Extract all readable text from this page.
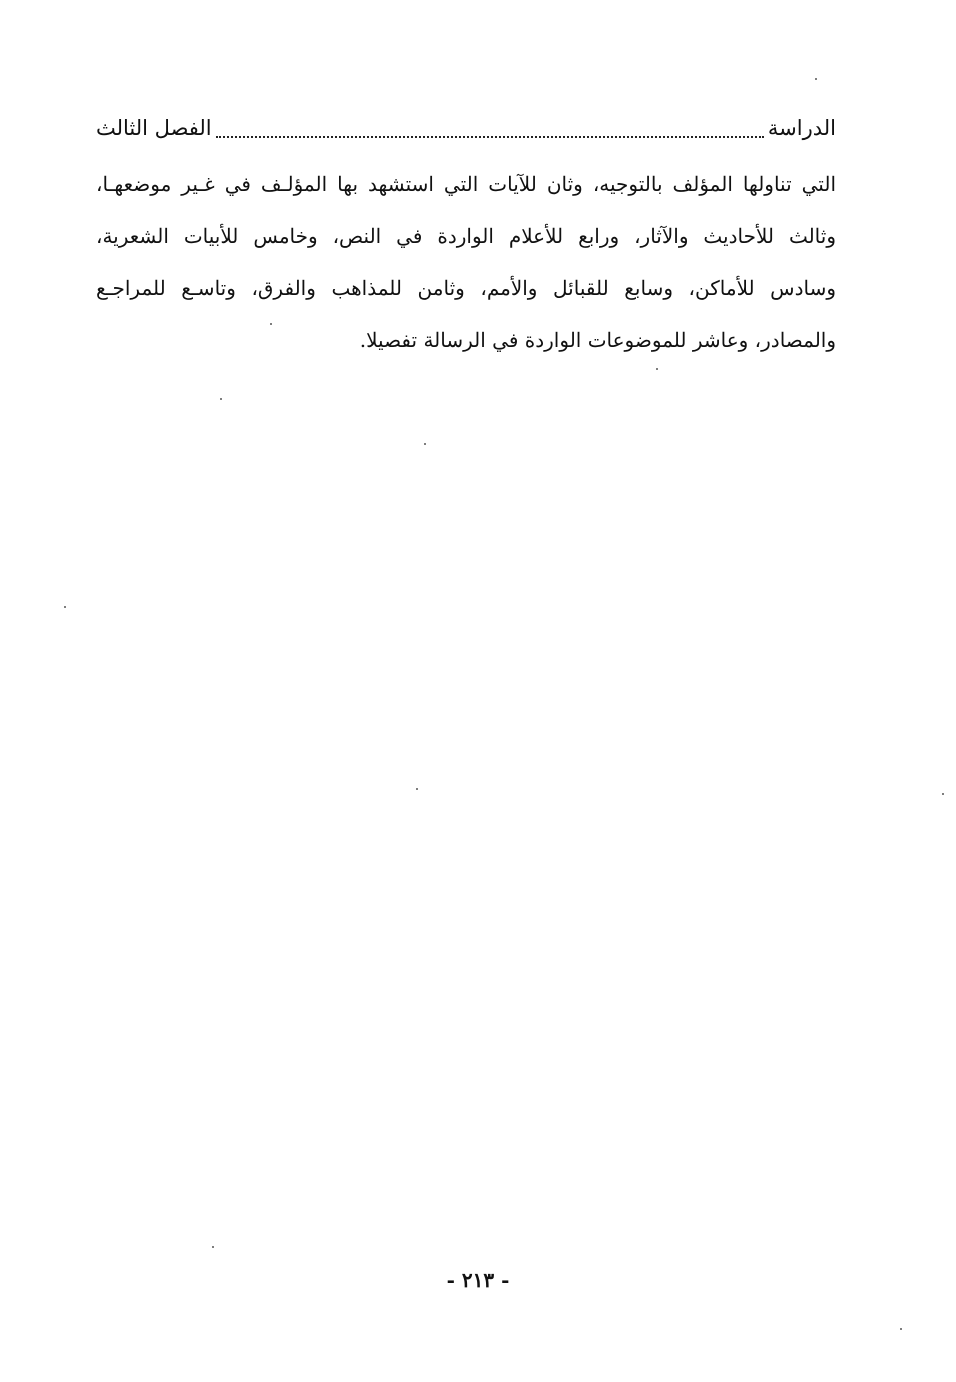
الدراسة
الفصل الثالث
التي تناولها المؤلف بالتوجيه، وثان للآيات التي استشهد بها المؤلـف في غـير موضعهـا،
وثالث للأحاديث والآثار، ورابع للأعلام الواردة في النص، وخامس للأبيات الشعرية،
وسادس للأماكن، وسابع للقبائل والأمم، وثامن للمذاهب والفرق، وتاسـع للمراجـع
والمصادر، وعاشر للموضوعات الواردة في الرسالة تفصيلا.
- ٢١٣ -
